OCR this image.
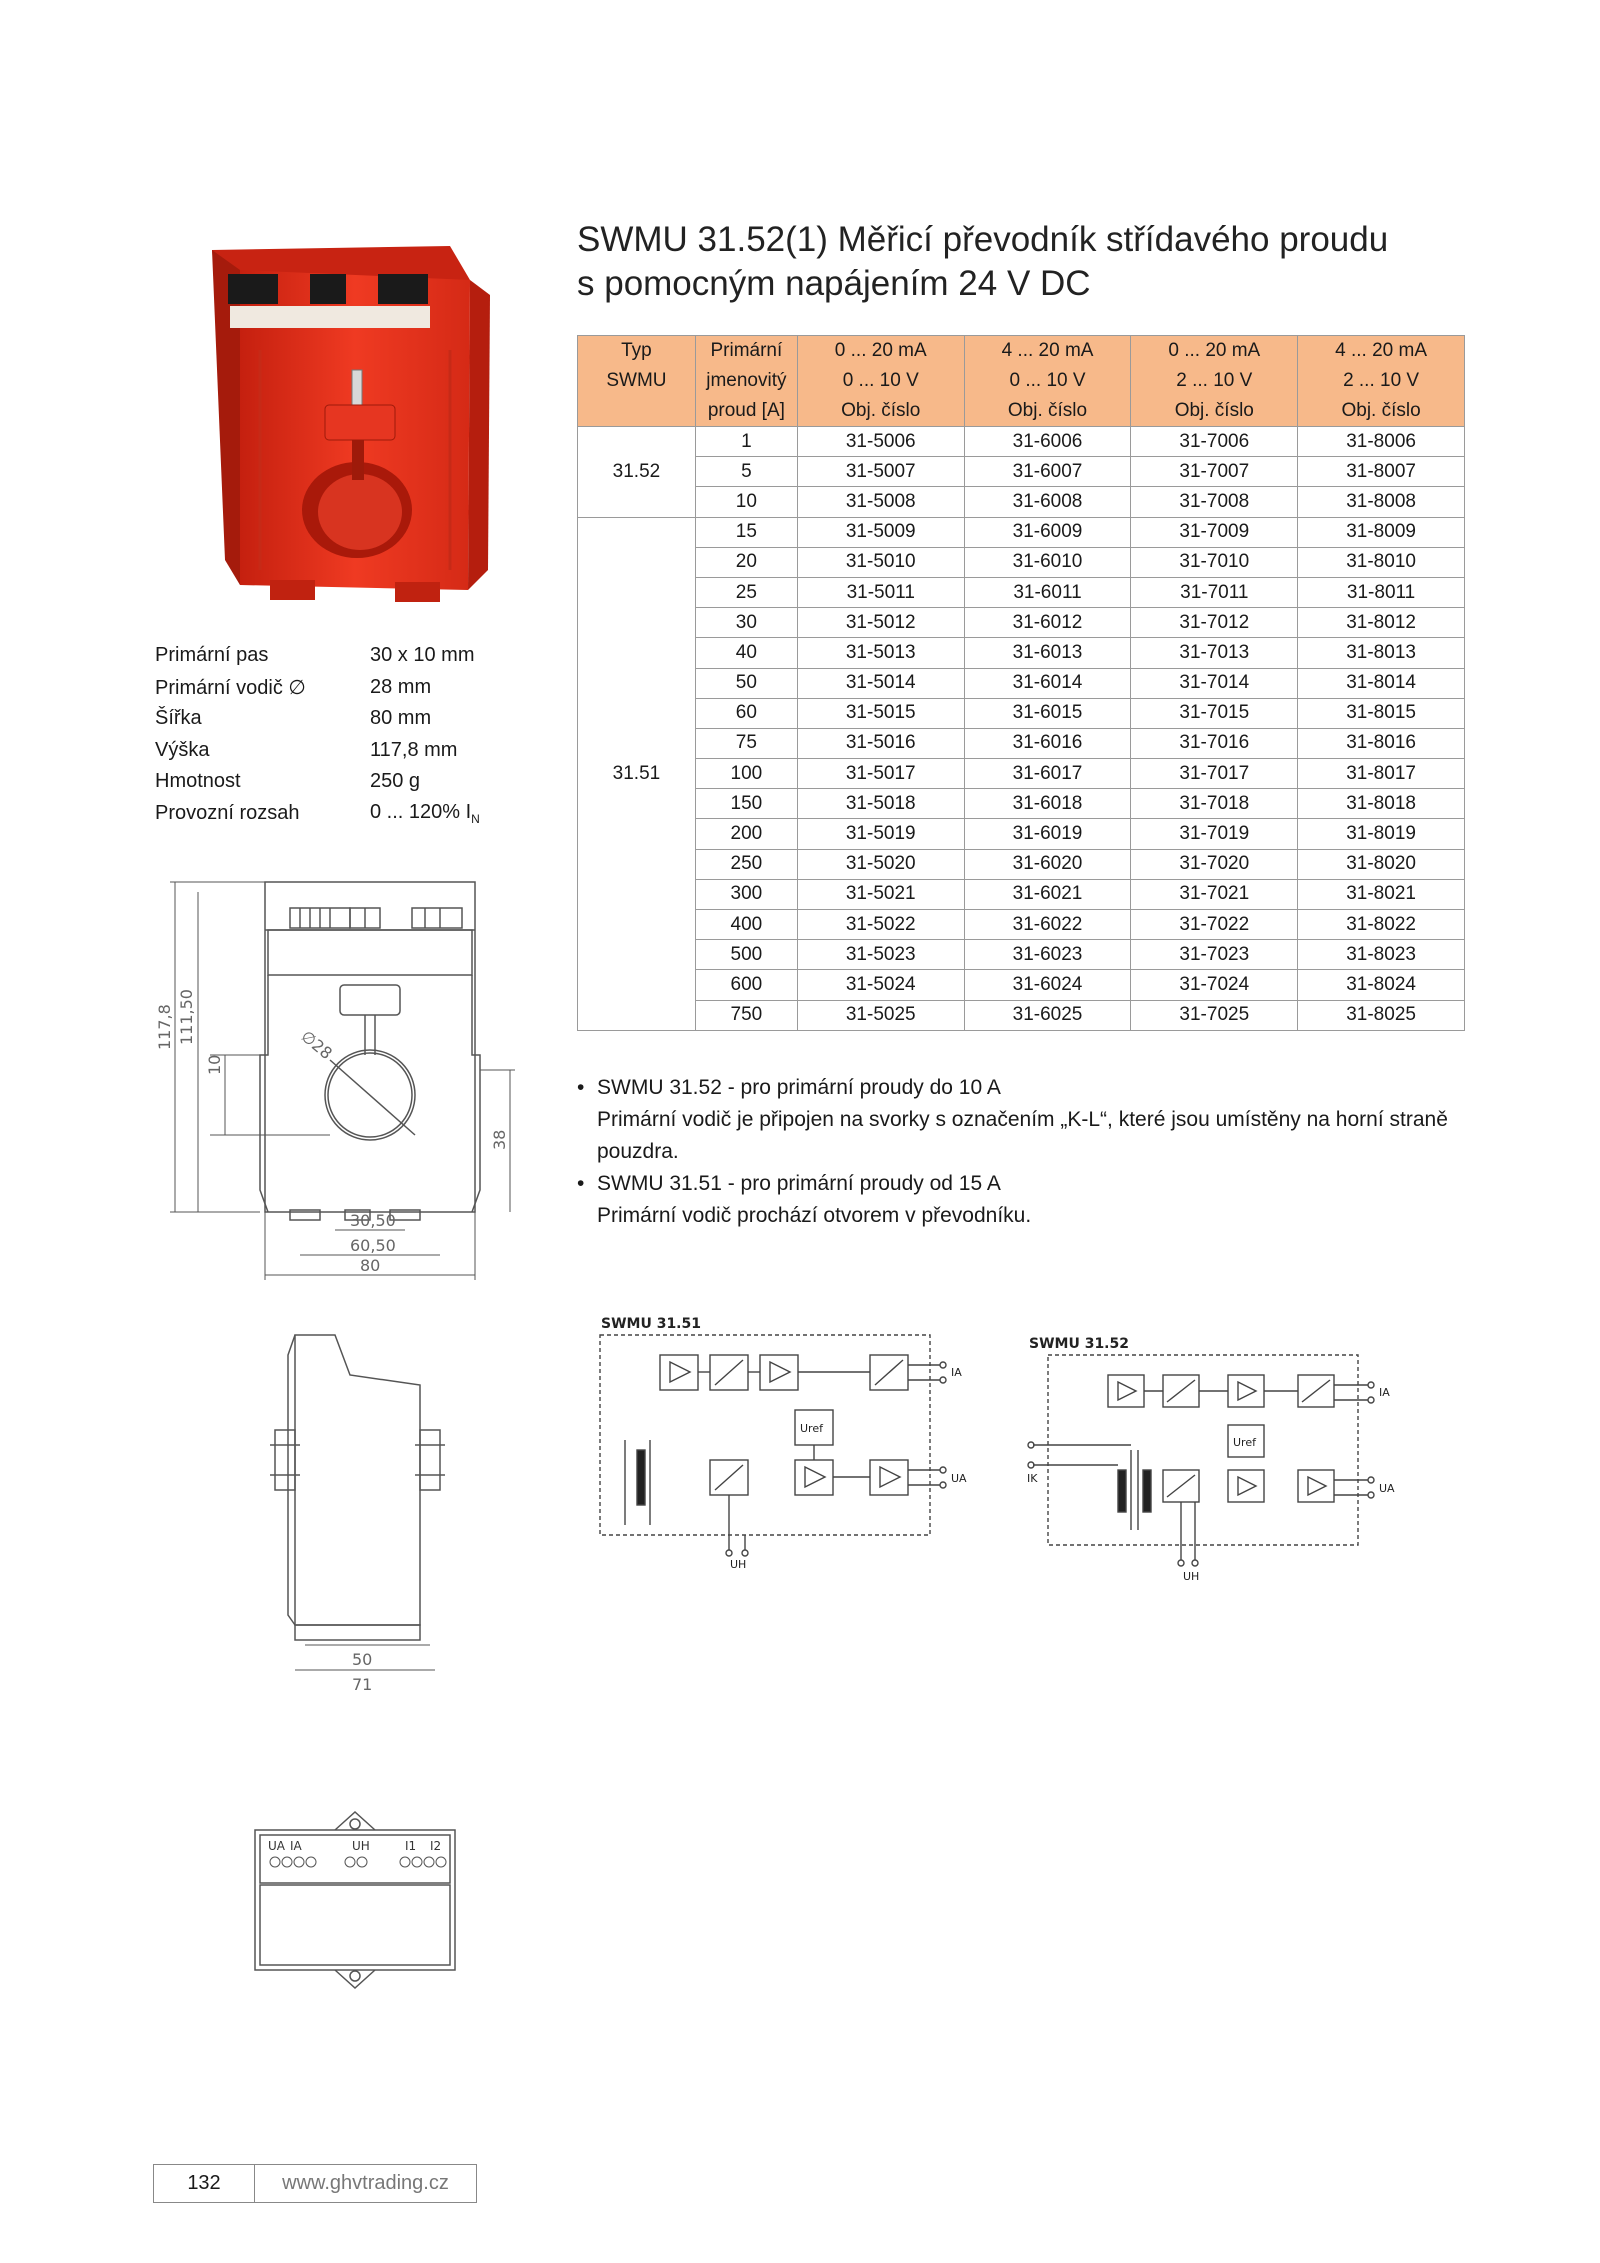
SWMU 31.52(1) Měřicí převodník střídavého proudu
s pomocným napájením 24 V DC
Primární pas	30 x 10 mm
Primární vodič ∅	28 mm
Šířka	80 mm
Výška	117,8 mm
Hmotnost	250 g
Provozní rozsah	0 ... 120% $I_N$
Typ	Primární	0 ... 20 mA	4 ... 20 mA	0 ... 20 mA	4 ... 20 mA
SWMU	jmenovitý	0 ... 10 V	0 ... 10 V	2 ... 10 V	2 ... 10 V
	proud [A]	Obj. číslo	Obj. číslo	Obj. číslo	Obj. číslo
31.52	1	31-5006	31-6006	31-7006	31-8006
	5	31-5007	31-6007	31-7007	31-8007
	10	31-5008	31-6008	31-7008	31-8008
31.51	15	31-5009	31-6009	31-7009	31-8009
	20	31-5010	31-6010	31-7010	31-8010
	25	31-5011	31-6011	31-7011	31-8011
	30	31-5012	31-6012	31-7012	31-8012
	40	31-5013	31-6013	31-7013	31-8013
	50	31-5014	31-6014	31-7014	31-8014
	60	31-5015	31-6015	31-7015	31-8015
	75	31-5016	31-6016	31-7016	31-8016
	100	31-5017	31-6017	31-7017	31-8017
	150	31-5018	31-6018	31-7018	31-8018
	200	31-5019	31-6019	31-7019	31-8019
	250	31-5020	31-6020	31-7020	31-8020
	300	31-5021	31-6021	31-7021	31-8021
	400	31-5022	31-6022	31-7022	31-8022
	500	31-5023	31-6023	31-7023	31-8023
	600	31-5024	31-6024	31-7024	31-8024
	750	31-5025	31-6025	31-7025	31-8025
• SWMU 31.52 - pro primární proudy do 10 A
Primární vodič je připojen na svorky s označením „K-L“, které jsou umístěny na horní straně pouzdra.
• SWMU 31.51 - pro primární proudy od 15 A
Primární vodič prochází otvorem v převodníku.
117,8 111,50
10
38
∅28
30,50
60,50
80
50
71
UA IA	UH	I1 I2
SWMU 31.51
Uref
IA
UA
UH
SWMU 31.52
Uref
IA
UA
UH
IK
132	www.ghvtrading.cz
